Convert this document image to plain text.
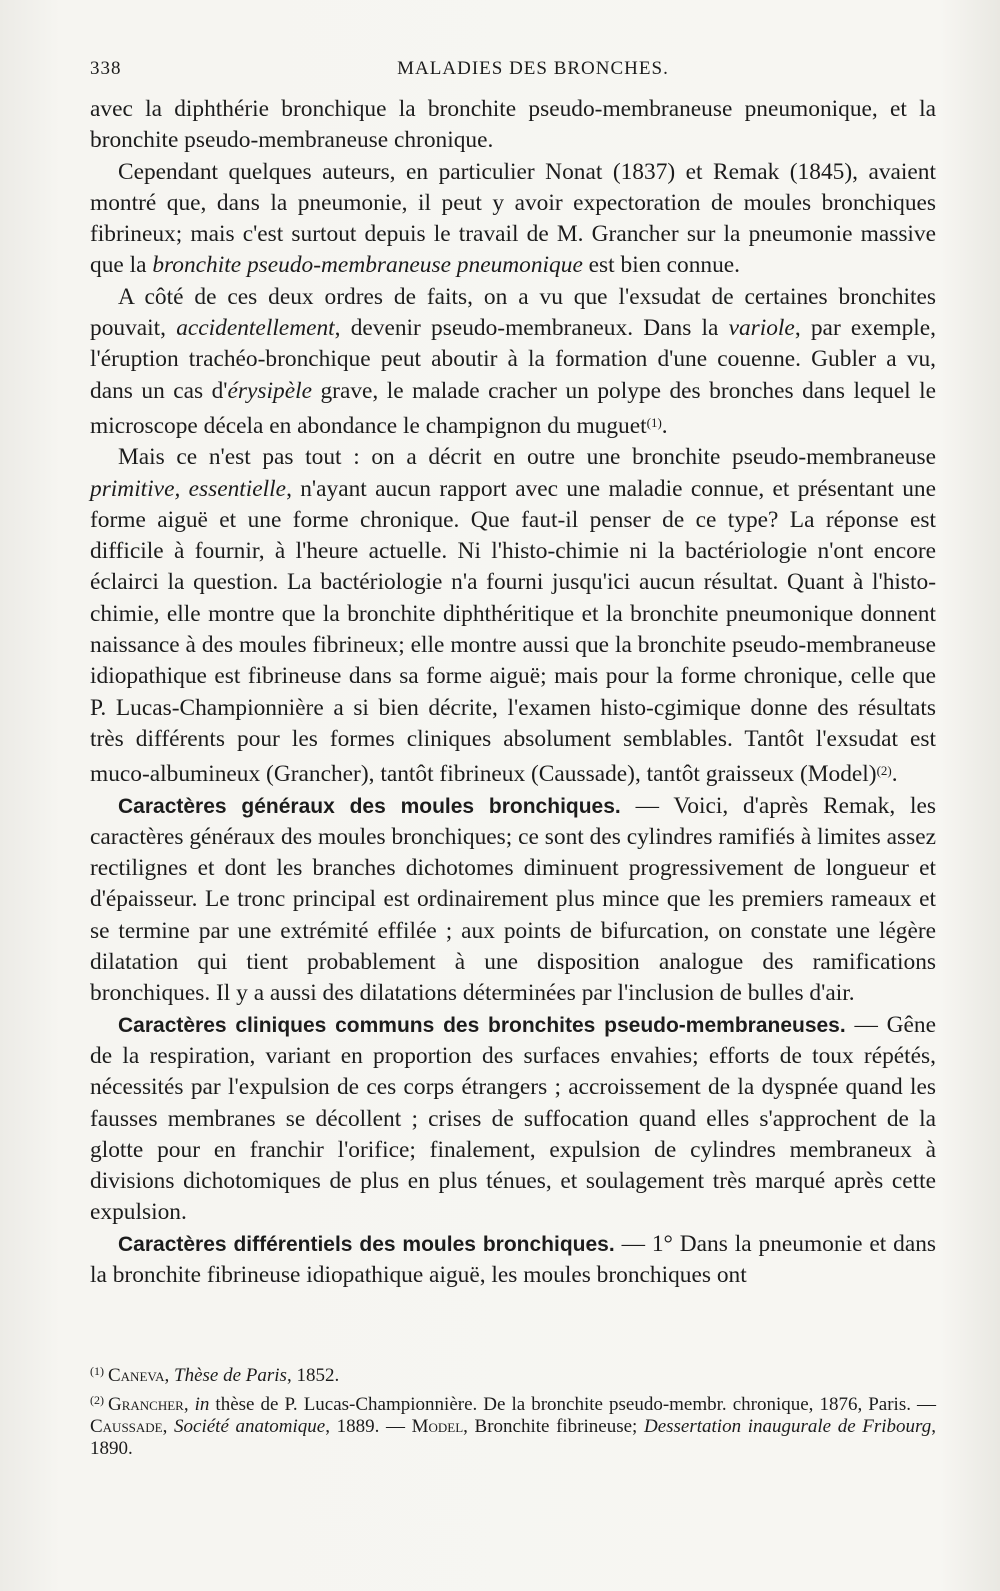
338	MALADIES DES BRONCHES.

avec la diphthérie bronchique la bronchite pseudo-membraneuse pneumonique, et la bronchite pseudo-membraneuse chronique.

Cependant quelques auteurs, en particulier Nonat (1837) et Remak (1845), avaient montré que, dans la pneumonie, il peut y avoir expectoration de moules bronchiques fibrineux; mais c'est surtout depuis le travail de M. Grancher sur la pneumonie massive que la bronchite pseudo-membraneuse pneumonique est bien connue.

A côté de ces deux ordres de faits, on a vu que l'exsudat de certaines bronchites pouvait, accidentellement, devenir pseudo-membraneux. Dans la variole, par exemple, l'éruption trachéo-bronchique peut aboutir à la formation d'une couenne. Gubler a vu, dans un cas d'érysipèle grave, le malade cracher un polype des bronches dans lequel le microscope décela en abondance le champignon du muguet$^{(1)}$.

Mais ce n'est pas tout : on a décrit en outre une bronchite pseudo-membraneuse primitive, essentielle, n'ayant aucun rapport avec une maladie connue, et présentant une forme aiguë et une forme chronique. Que faut-il penser de ce type? La réponse est difficile à fournir, à l'heure actuelle. Ni l'histo-chimie ni la bactériologie n'ont encore éclairci la question. La bactériologie n'a fourni jusqu'ici aucun résultat. Quant à l'histo-chimie, elle montre que la bronchite diphthéritique et la bronchite pneumonique donnent naissance à des moules fibrineux; elle montre aussi que la bronchite pseudo-membraneuse idiopathique est fibrineuse dans sa forme aiguë; mais pour la forme chronique, celle que P. Lucas-Championnière a si bien décrite, l'examen histo-cgimique donne des résultats très différents pour les formes cliniques absolument semblables. Tantôt l'exsudat est muco-albumineux (Grancher), tantôt fibrineux (Caussade), tantôt graisseux (Model)$^{(2)}$.

Caractères généraux des moules bronchiques. — Voici, d'après Remak, les caractères généraux des moules bronchiques; ce sont des cylindres ramifiés à limites assez rectilignes et dont les branches dichotomes diminuent progressivement de longueur et d'épaisseur. Le tronc principal est ordinairement plus mince que les premiers rameaux et se termine par une extrémité effilée ; aux points de bifurcation, on constate une légère dilatation qui tient probablement à une disposition analogue des ramifications bronchiques. Il y a aussi des dilatations déterminées par l'inclusion de bulles d'air.

Caractères cliniques communs des bronchites pseudo-membraneuses. — Gêne de la respiration, variant en proportion des surfaces envahies; efforts de toux répétés, nécessités par l'expulsion de ces corps étrangers ; accroissement de la dyspnée quand les fausses membranes se décollent ; crises de suffocation quand elles s'approchent de la glotte pour en franchir l'orifice; finalement, expulsion de cylindres membraneux à divisions dichotomiques de plus en plus ténues, et soulagement très marqué après cette expulsion.

Caractères différentiels des moules bronchiques. — 1° Dans la pneumonie et dans la bronchite fibrineuse idiopathique aiguë, les moules bronchiques ont

$^{(1)}$ Caneva, Thèse de Paris, 1852.

$^{(2)}$ Grancher, in thèse de P. Lucas-Championnière. De la bronchite pseudo-membr. chronique, 1876, Paris. — Caussade, Société anatomique, 1889. — Model, Bronchite fibrineuse; Dessertation inaugurale de Fribourg, 1890.
